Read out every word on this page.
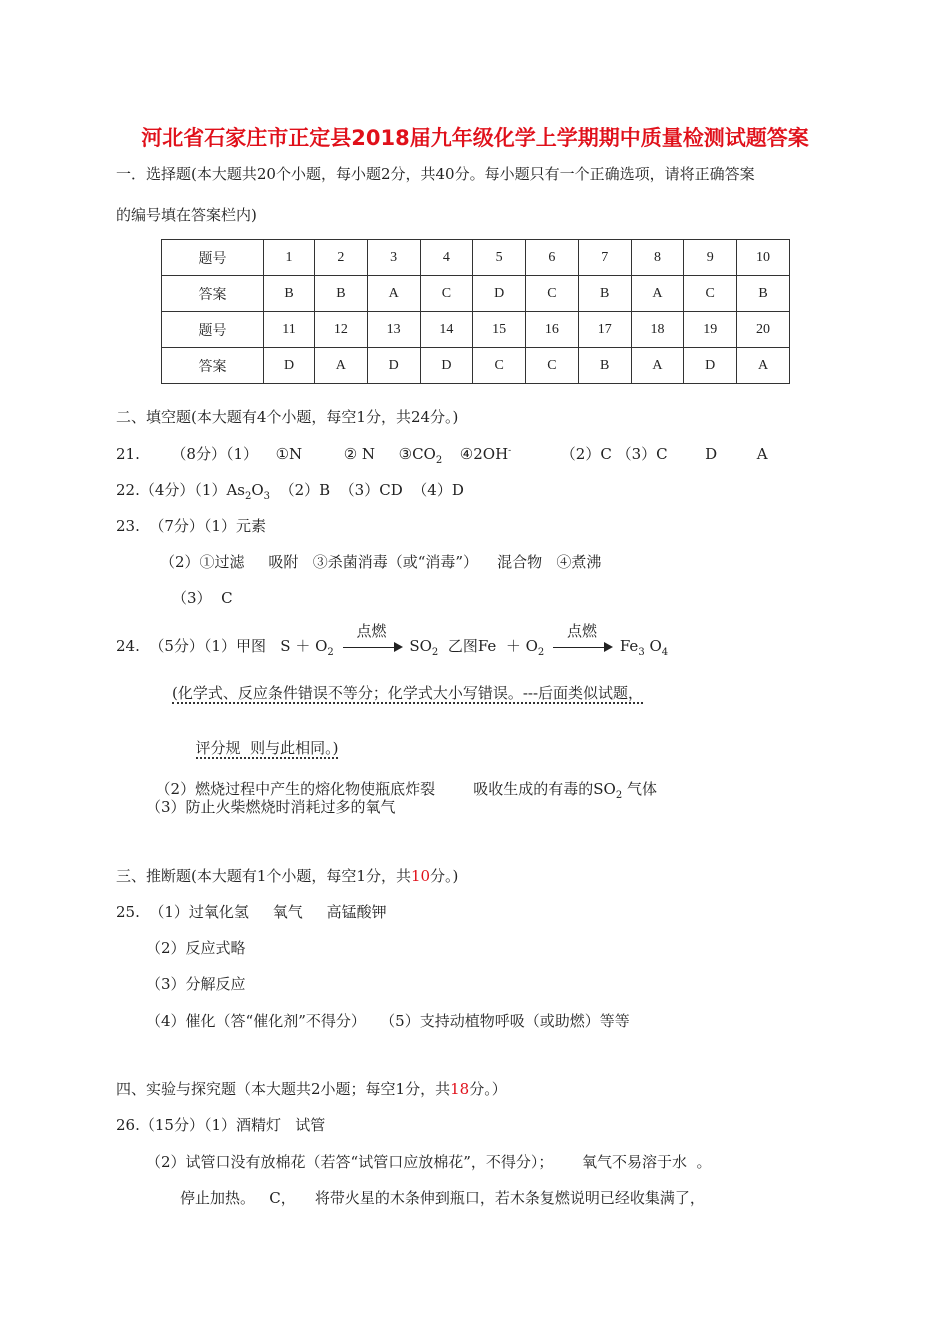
河北省石家庄市正定县2018届九年级化学上学期期中质量检测试题答案
一．选择题(本大题共20个小题，每小题2分，共40分。每小题只有一个正确选项，请将正确答案
的编号填在答案栏内)
题号	1	2	3	4	5	6	7	8	9	10
答案	B	B	A	C	D	C	B	A	C	B
题号	11	12	13	14	15	16	17	18	19	20
答案	D	A	D	D	C	C	B	A	D	A
二、填空题(本大题有4个小题，每空1分，共24分。)
21. （8分）（1） ①N	② N $③CO_2$ ④2OH-	（2）C （3）C	D	A
22.（4分）$(1)As_2O_3$  （2）B  （3）CD  （4）D
23.  （7分）（1）元素
（2）①过滤     吸附   ③杀菌消毒（或“消毒”）    混合物   ④煮沸
（3）  C
24.  （5分）（1）甲图   $S + O_2$
点燃
$SO_2$  乙图$Fe + O_2$
点燃
$Fe_3$ $O_4$
(化学式、反应条件错误不等分；化学式大小写错误。---后面类似试题，

评分规  则与此相同。)

（2）燃烧过程中产生的熔化物使瓶底炸裂        吸收生成的有毒的$SO_2$ 气体

（3）防止火柴燃烧时消耗过多的氧气
三、推断题(本大题有1个小题，每空1分，共10分。)
25.  （1）过氧化氢     氧气     高锰酸钾
（2）反应式略
（3）分解反应
（4）催化（答“催化剂”不得分）   （5）支持动植物呼吸（或助燃）等等
四、实验与探究题（本大题共2小题；每空1分，共18分。）
26.（15分）（1）酒精灯   试管
（2）试管口没有放棉花（若答“试管口应放棉花”，不得分）；      氧气不易溶于水  。
停止加热。   C，    将带火星的木条伸到瓶口，若木条复燃说明已经收集满了，
